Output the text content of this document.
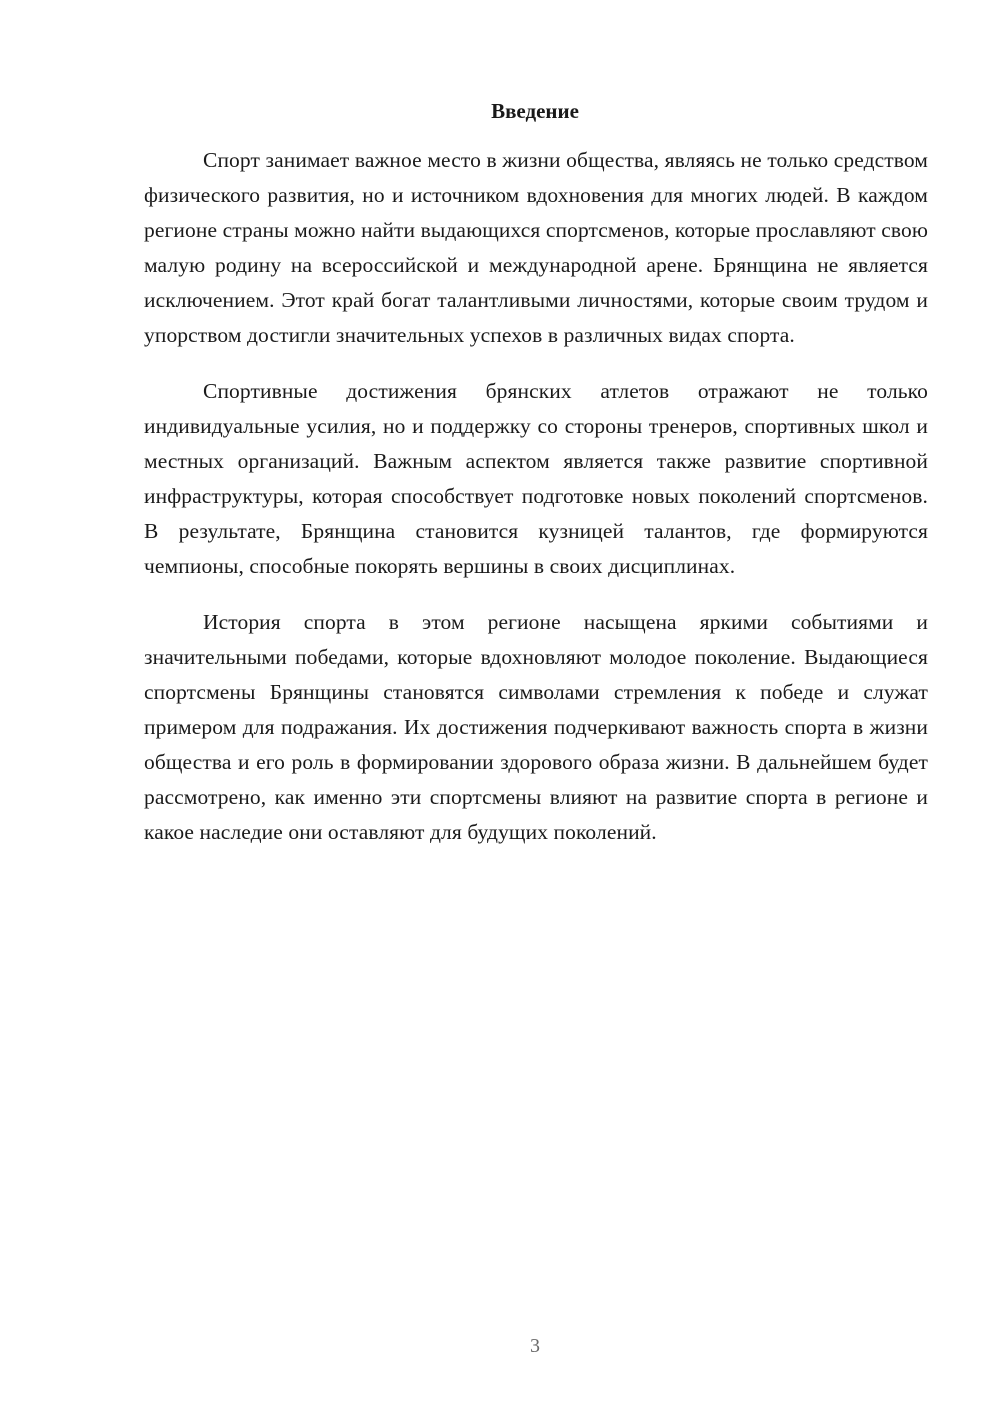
Введение

Спорт занимает важное место в жизни общества, являясь не только средством физического развития, но и источником вдохновения для многих людей. В каждом регионе страны можно найти выдающихся спортсменов, которые прославляют свою малую родину на всероссийской и международной арене. Брянщина не является исключением. Этот край богат талантливыми личностями, которые своим трудом и упорством достигли значительных успехов в различных видах спорта.

Спортивные достижения брянских атлетов отражают не только индивидуальные усилия, но и поддержку со стороны тренеров, спортивных школ и местных организаций. Важным аспектом является также развитие спортивной инфраструктуры, которая способствует подготовке новых поколений спортсменов. В результате, Брянщина становится кузницей талантов, где формируются чемпионы, способные покорять вершины в своих дисциплинах.

История спорта в этом регионе насыщена яркими событиями и значительными победами, которые вдохновляют молодое поколение. Выдающиеся спортсмены Брянщины становятся символами стремления к победе и служат примером для подражания. Их достижения подчеркивают важность спорта в жизни общества и его роль в формировании здорового образа жизни. В дальнейшем будет рассмотрено, как именно эти спортсмены влияют на развитие спорта в регионе и какое наследие они оставляют для будущих поколений.

3
